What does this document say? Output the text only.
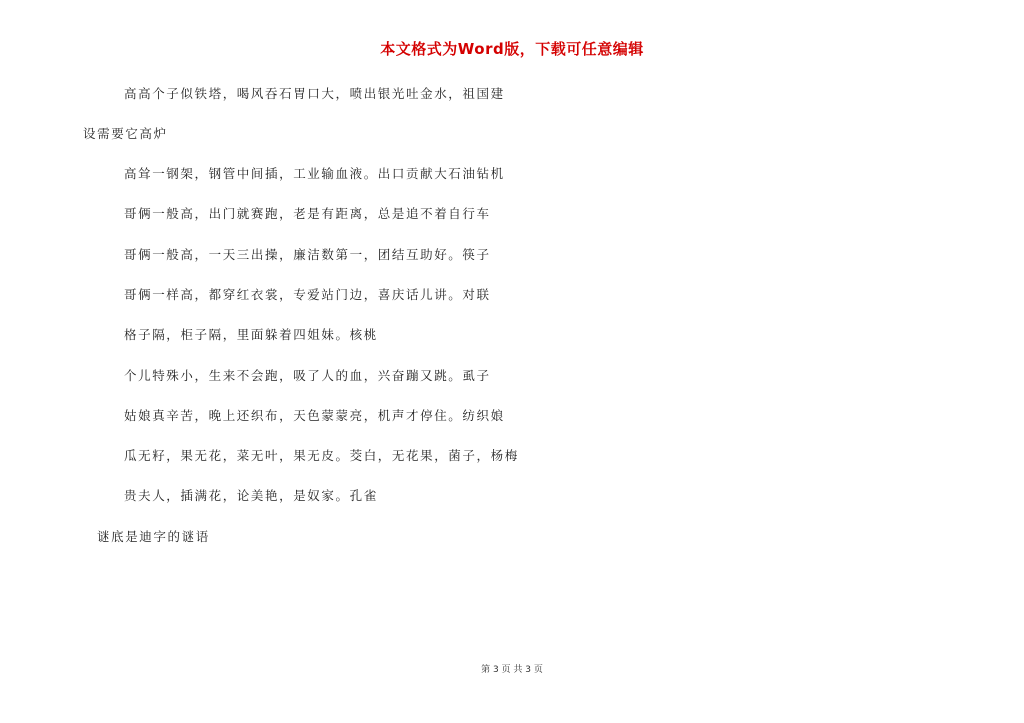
本文格式为Word版，下载可任意编辑
高高个子似铁塔，喝风吞石胃口大，喷出银光吐金水，祖国建
设需要它高炉
高耸一钢架，钢管中间插，工业输血液。出口贡献大石油钻机
哥俩一般高，出门就赛跑，老是有距离，总是追不着自行车
哥俩一般高，一天三出操，廉洁数第一，团结互助好。筷子
哥俩一样高，都穿红衣裳，专爱站门边，喜庆话儿讲。对联
格子隔，柜子隔，里面躲着四姐妹。核桃
个儿特殊小，生来不会跑，吸了人的血，兴奋蹦又跳。虱子
姑娘真辛苦，晚上还织布，天色蒙蒙亮，机声才停住。纺织娘
瓜无籽，果无花，菜无叶，果无皮。茭白，无花果，菌子，杨梅
贵夫人，插满花，论美艳，是奴家。孔雀
谜底是迪字的谜语
第 3 页 共 3 页
